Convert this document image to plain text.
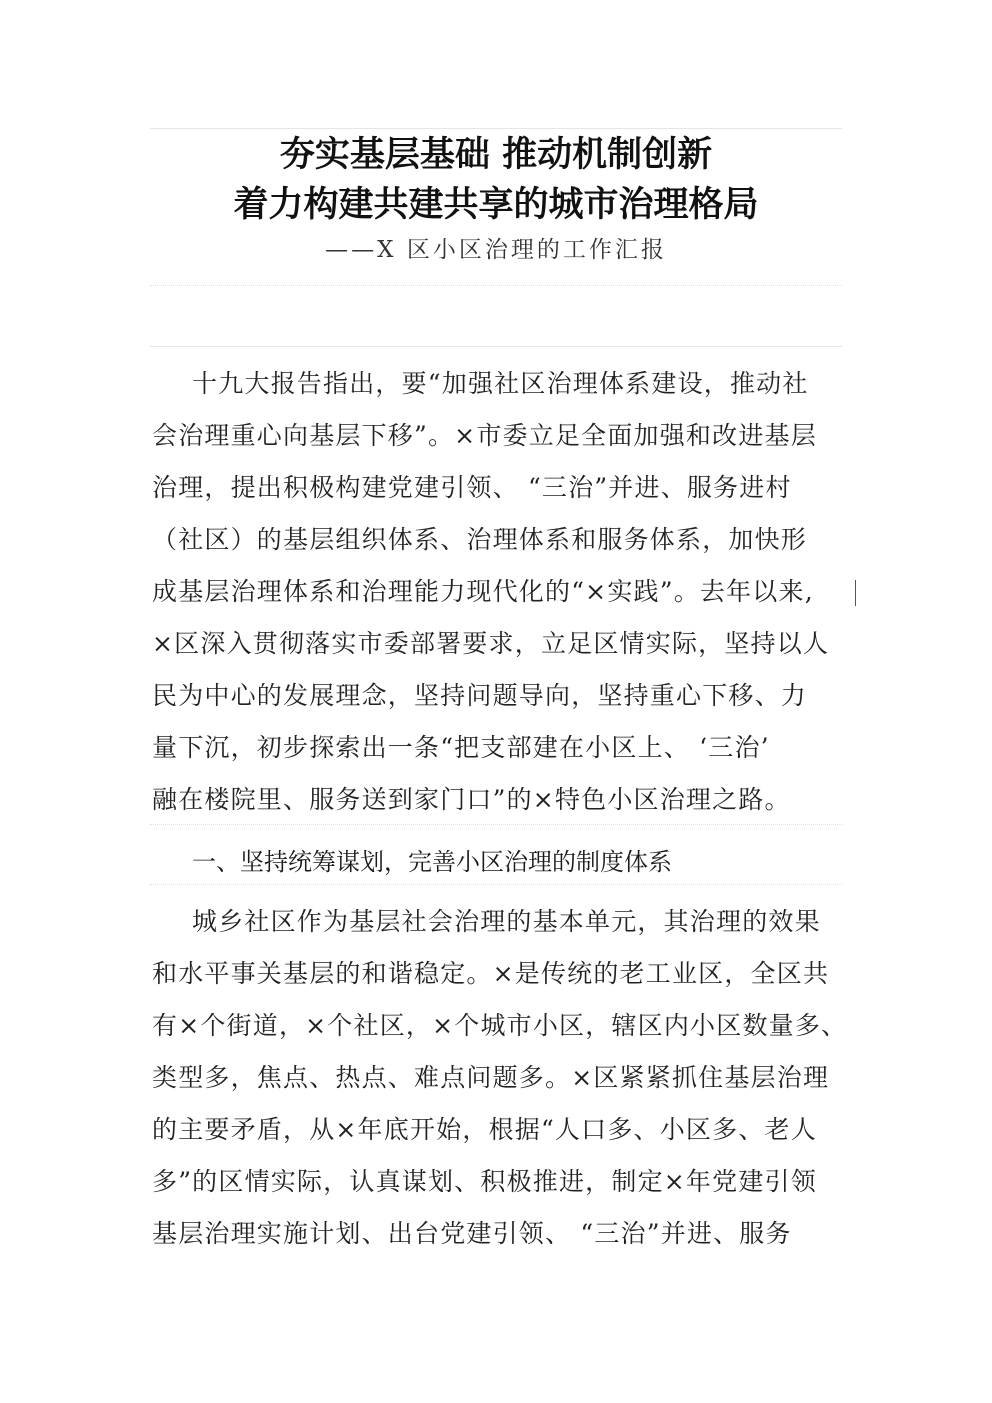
夯实基层基础 推动机制创新
着力构建共建共享的城市治理格局
——X 区小区治理的工作汇报
十九大报告指出，要“加强社区治理体系建设，推动社
会治理重心向基层下移”。×市委立足全面加强和改进基层
治理，提出积极构建党建引领、 “三治”并进、服务进村
（社区）的基层组织体系、治理体系和服务体系，加快形
成基层治理体系和治理能力现代化的“×实践”。去年以来,
×区深入贯彻落实市委部署要求，立足区情实际，坚持以人
民为中心的发展理念，坚持问题导向，坚持重心下移、力
量下沉，初步探索出一条“把支部建在小区上、 ‘三治’
融在楼院里、服务送到家门口”的×特色小区治理之路。
一、坚持统筹谋划，完善小区治理的制度体系
城乡社区作为基层社会治理的基本单元，其治理的效果
和水平事关基层的和谐稳定。×是传统的老工业区，全区共
有×个街道，×个社区，×个城市小区，辖区内小区数量多、
类型多，焦点、热点、难点问题多。×区紧紧抓住基层治理
的主要矛盾，从×年底开始，根据“人口多、小区多、老人
多”的区情实际，认真谋划、积极推进，制定×年党建引领
基层治理实施计划、出台党建引领、 “三治”并进、服务
